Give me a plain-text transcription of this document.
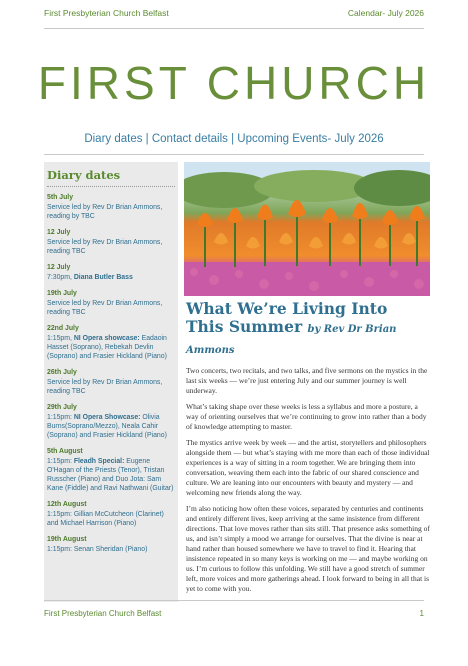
First Presbyterian Church Belfast	Calendar- July 2026
FIRST CHURCH
Diary dates | Contact details | Upcoming Events- July 2026
Diary dates
5th July
Service led by Rev Dr Brian Ammons, reading by TBC
12 July
Service led by Rev Dr Brian Ammons, reading TBC
12 July
7:30pm, Diana Butler Bass
19th July
Service led by Rev Dr Brian Ammons, reading TBC
22nd July
1:15pm, NI Opera showcase: Eadaoin Hasset (Soprano), Rebekah Devlin (Soprano) and Frasier Hickland (Piano)
26th July
Service led by Rev Dr Brian Ammons, reading TBC
29th July
1:15pm: NI Opera Showcase: Olivia Burns(Soprano/Mezzo), Neala Cahir (Soprano) and Frasier Hickland (Piano)
5th August
1:15pm: Fleadh Special: Eugene O'Hagan of the Priests (Tenor), Tristan Russcher (Piano) and Duo Jota: Sam Kane (Fiddle) and Ravi Nathwani (Guitar)
12th August
1:15pm: Gillian McCutcheon (Clarinet) and Michael Harrison (Piano)
19th August
1:15pm: Senan Sheridan (Piano)
What We’re Living Into This Summer by Rev Dr Brian Ammons

Two concerts, two recitals, and two talks, and five sermons on the mystics in the last six weeks — we’re just entering July and our summer journey is well underway.

What’s taking shape over these weeks is less a syllabus and more a posture, a way of orienting ourselves that we’re continuing to grow into rather than a body of knowledge attempting to master.

The mystics arrive week by week — and the artist, storytellers and philosophers alongside them — but what’s staying with me more than each of those individual experiences is a way of sitting in a room together. We are bringing them into conversation, weaving them each into the fabric of our shared conscience and culture. We are leaning into our encounters with beauty and mystery — and welcoming new friends along the way.

I’m also noticing how often these voices, separated by centuries and continents and entirely different lives, keep arriving at the same insistence from different directions. That love moves rather than sits still. That presence asks something of us, and isn’t simply a mood we arrange for ourselves. That the divine is near at hand rather than housed somewhere we have to travel to find it. Hearing that insistence repeated in so many keys is working on me — and maybe working on us. I’m curious to follow this unfolding. We still have a good stretch of summer left, more voices and more gatherings ahead. I look forward to being in all that is yet to come with you.

First Presbyterian Church Belfast	1
